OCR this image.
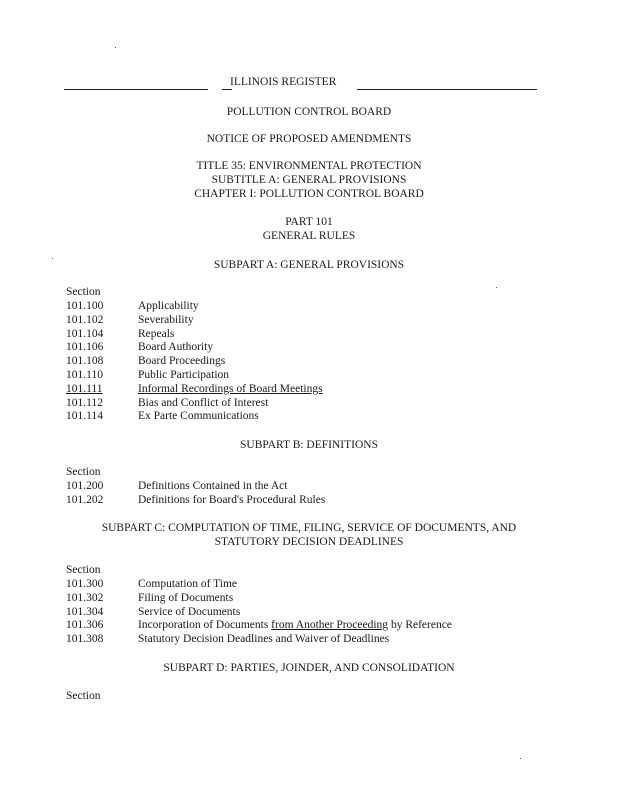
ILLINOIS REGISTER
POLLUTION CONTROL BOARD
NOTICE OF PROPOSED AMENDMENTS
TITLE 35: ENVIRONMENTAL PROTECTION
SUBTITLE A: GENERAL PROVISIONS
CHAPTER I: POLLUTION CONTROL BOARD
PART 101
GENERAL RULES
SUBPART A: GENERAL PROVISIONS
Section
101.100	Applicability
101.102	Severability
101.104	Repeals
101.106	Board Authority
101.108	Board Proceedings
101.110	Public Participation
101.111	Informal Recordings of Board Meetings
101.112	Bias and Conflict of Interest
101.114	Ex Parte Communications
SUBPART B: DEFINITIONS
Section
101.200	Definitions Contained in the Act
101.202	Definitions for Board's Procedural Rules
SUBPART C: COMPUTATION OF TIME, FILING, SERVICE OF DOCUMENTS, AND
STATUTORY DECISION DEADLINES
Section
101.300	Computation of Time
101.302	Filing of Documents
101.304	Service of Documents
101.306	Incorporation of Documents from Another Proceeding by Reference
101.308	Statutory Decision Deadlines and Waiver of Deadlines
SUBPART D: PARTIES, JOINDER, AND CONSOLIDATION
Section
